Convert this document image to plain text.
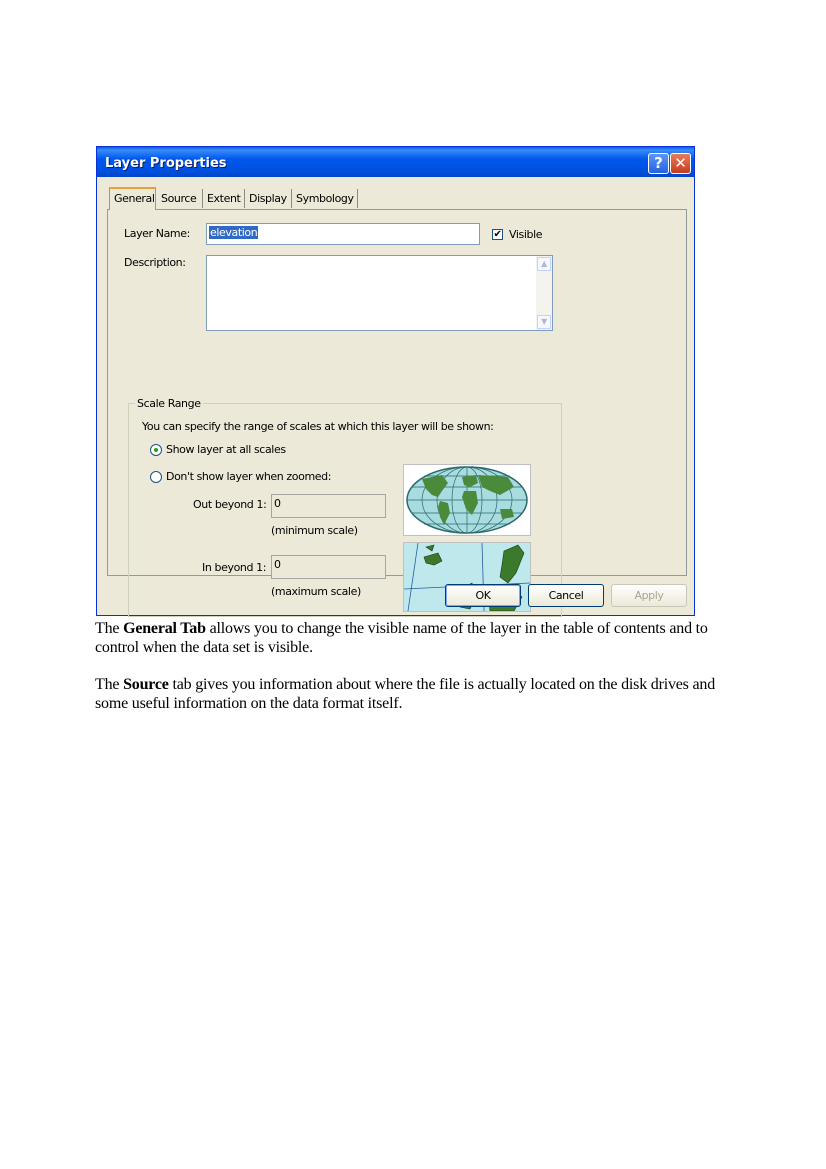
Layer Properties	? ✕
General Source Extent Display Symbology
Layer Name: elevation	✔ Visible
Description:	▲
▼
Scale Range
You can specify the range of scales at which this layer will be shown:
Show layer at all scales
Don't show layer when zoomed:
Out beyond 1: 0
(minimum scale)
In beyond 1: 0
(maximum scale)	OK	Cancel	Apply
The General Tab allows you to change the visible name of the layer in the table of contents and to control when the data set is visible.
The Source tab gives you information about where the file is actually located on the disk drives and some useful information on the data format itself.
